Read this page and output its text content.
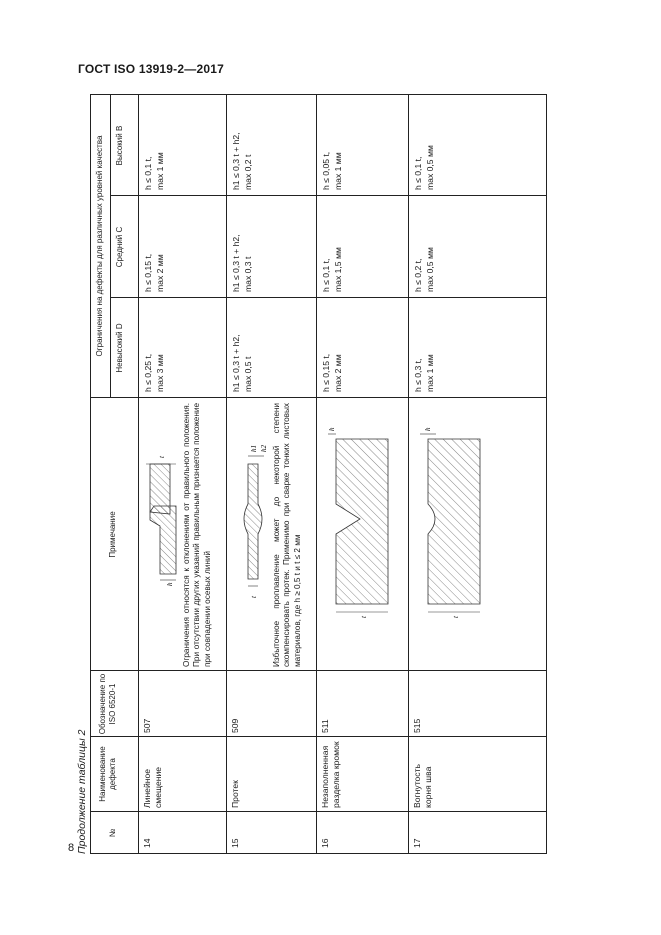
ГОСТ ISO 13919-2—2017
8 Продолжение таблицы 2	№
Наименование дефекта
Обозначение по ISO 6520-1
Примечание
Ограничения на дефекты для различных уровней качества Невысокий D
Средний C
Высокий B
14
Линейное смещение
507
Ограничения относятся к отклонениям от правильного положения. При отсутствии других указаний правильным признается положение при совпадении осевых линий
h ≤ 0,25 t, max 3 мм
h ≤ 0,15 t, max 2 мм
h ≤ 0,1 t, max 1 мм
15
Протек
509
Избыточное проплавление может до некоторой степени скомпенсировать протек. Применимо при сварке тонких листовых материалов, где h ≥ 0,5 t и t ≤ 2 мм
h1 ≤ 0,3 t + h2, max 0,5 t
h1 ≤ 0,3 t + h2, max 0,3 t
h1 ≤ 0,3 t + h2, max 0,2 t
16
Незаполненная разделка кромок
511
h ≤ 0,15 t, max 2 мм
h ≤ 0,1 t, max 1,5 мм
h ≤ 0,05 t, max 1 мм
17
Вогнутость корня шва
515
h ≤ 0,3 t, max 1 мм
h ≤ 0,2 t, max 0,5 мм
h ≤ 0,1 t, max 0,5 мм
h
t
t
h1 h2
t
h
t
h
